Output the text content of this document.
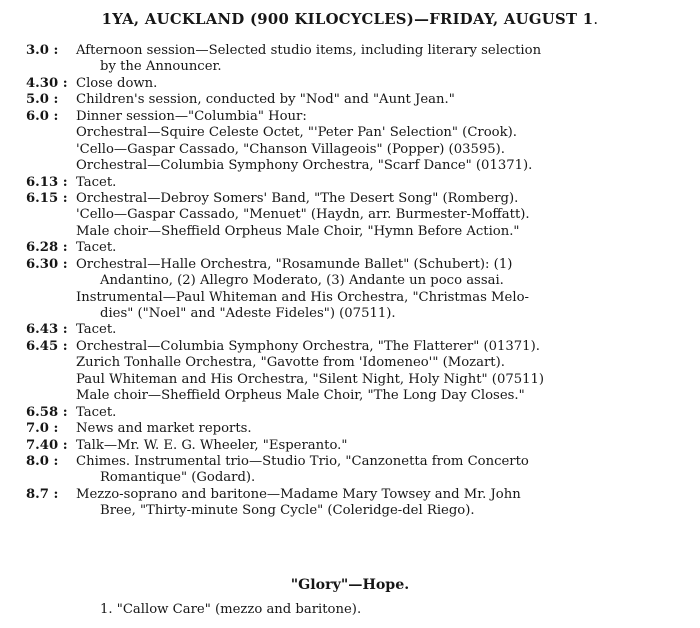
1YA, AUCKLAND (900 KILOCYCLES)—FRIDAY, AUGUST 1.
3.0 :	Afternoon session—Selected studio items, including literary selection
by the Announcer.
4.30 : Close down.
5.0 :	Children's session, conducted by "Nod" and "Aunt Jean."
6.0 :	Dinner session—"Columbia" Hour:
Orchestral—Squire Celeste Octet, "'Peter Pan' Selection" (Crook).
'Cello—Gaspar Cassado, "Chanson Villageois" (Popper) (03595).
Orchestral—Columbia Symphony Orchestra, "Scarf Dance" (01371).
6.13 : Tacet.
6.15 : Orchestral—Debroy Somers' Band, "The Desert Song" (Romberg).
'Cello—Gaspar Cassado, "Menuet" (Haydn, arr. Burmester-Moffatt).
Male choir—Sheffield Orpheus Male Choir, "Hymn Before Action."
6.28 : Tacet.
6.30 : Orchestral—Halle Orchestra, "Rosamunde Ballet" (Schubert): (1)
Andantino, (2) Allegro Moderato, (3) Andante un poco assai.
Instrumental—Paul Whiteman and His Orchestra, "Christmas Melo-
dies" ("Noel" and "Adeste Fideles") (07511).
6.43 : Tacet.
6.45 : Orchestral—Columbia Symphony Orchestra, "The Flatterer" (01371).
Zurich Tonhalle Orchestra, "Gavotte from 'Idomeneo'" (Mozart).
Paul Whiteman and His Orchestra, "Silent Night, Holy Night" (07511)
Male choir—Sheffield Orpheus Male Choir, "The Long Day Closes."
6.58 : Tacet.
7.0 :	News and market reports.
7.40 : Talk—Mr. W. E. G. Wheeler, "Esperanto."
8.0 :	Chimes. Instrumental trio—Studio Trio, "Canzonetta from Concerto
Romantique" (Godard).
8.7 :	Mezzo-soprano and baritone—Madame Mary Towsey and Mr. John
Bree, "Thirty-minute Song Cycle" (Coleridge-del Riego).
"Glory"—Hope.
1. "Callow Care" (mezzo and baritone).
